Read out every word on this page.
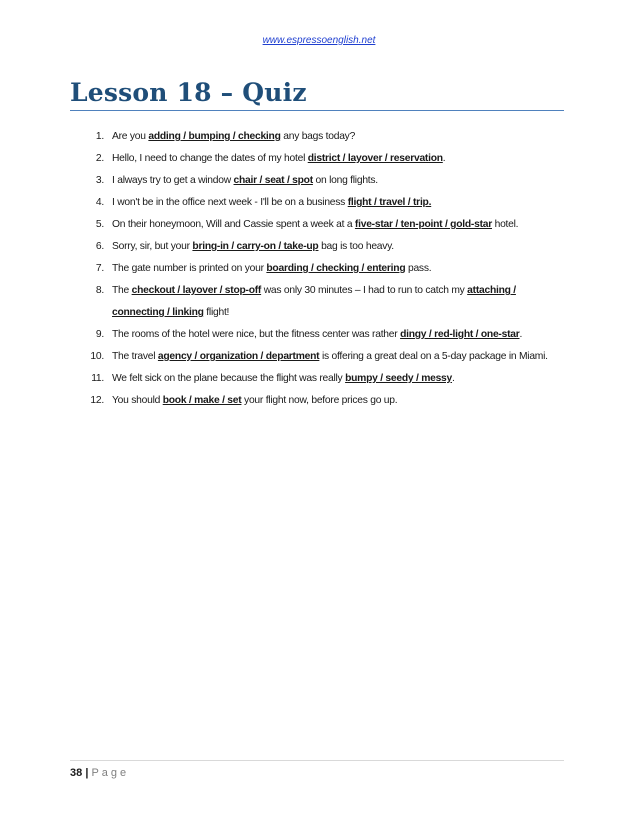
www.espressoenglish.net
Lesson 18 – Quiz
1. Are you adding / bumping / checking any bags today?
2. Hello, I need to change the dates of my hotel district / layover / reservation.
3. I always try to get a window chair / seat / spot on long flights.
4. I won't be in the office next week - I'll be on a business flight / travel / trip.
5. On their honeymoon, Will and Cassie spent a week at a five-star / ten-point / gold-star hotel.
6. Sorry, sir, but your bring-in / carry-on / take-up bag is too heavy.
7. The gate number is printed on your boarding / checking / entering pass.
8. The checkout / layover / stop-off was only 30 minutes – I had to run to catch my attaching / connecting / linking flight!
9. The rooms of the hotel were nice, but the fitness center was rather dingy / red-light / one-star.
10. The travel agency / organization / department is offering a great deal on a 5-day package in Miami.
11. We felt sick on the plane because the flight was really bumpy / seedy / messy.
12. You should book / make / set your flight now, before prices go up.
38 | Page
